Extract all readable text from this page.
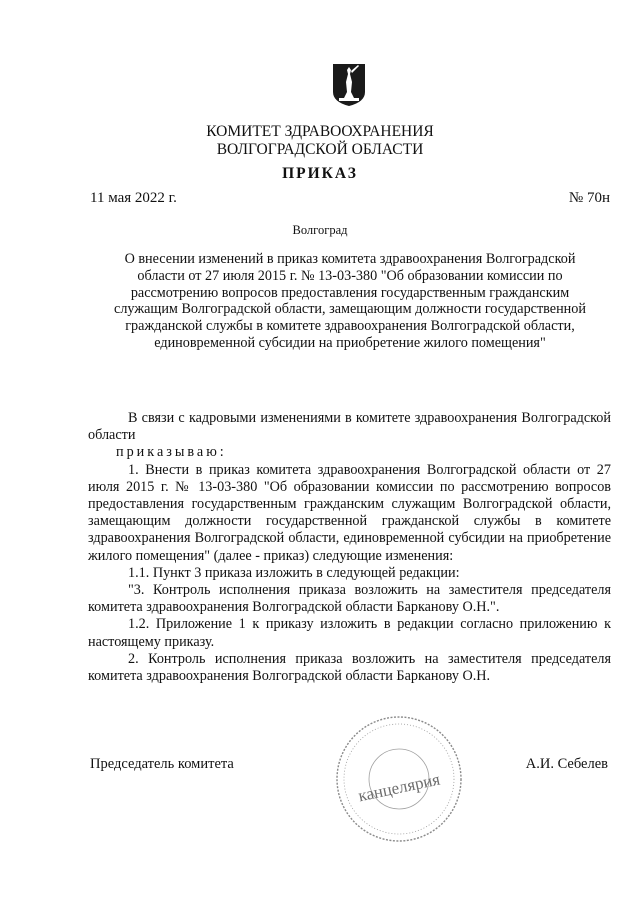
КОМИТЕТ ЗДРАВООХРАНЕНИЯ
ВОЛГОГРАДСКОЙ ОБЛАСТИ
ПРИКАЗ
11 мая 2022 г.	№ 70н
Волгоград

О внесении изменений в приказ комитета здравоохранения Волгоградской области от 27 июля 2015 г. № 13-03-380 "Об образовании комиссии по рассмотрению вопросов предоставления государственным гражданским служащим Волгоградской области, замещающим должности государственной гражданской службы в комитете здравоохранения Волгоградской области, единовременной субсидии на приобретение жилого помещения"

В связи с кадровыми изменениями в комитете здравоохранения Волгоградской области

приказываю:

1. Внести в приказ комитета здравоохранения Волгоградской области от 27 июля 2015 г. № 13-03-380 "Об образовании комиссии по рассмотрению вопросов предоставления государственным гражданским служащим Волгоградской области, замещающим должности государственной гражданской службы в комитете здравоохранения Волгоградской области, единовременной субсидии на приобретение жилого помещения" (далее - приказ) следующие изменения:

1.1. Пункт 3 приказа изложить в следующей редакции:

"3. Контроль исполнения приказа возложить на заместителя председателя комитета здравоохранения Волгоградской области Барканову О.Н.".

1.2. Приложение 1 к приказу изложить в редакции согласно приложению к настоящему приказу.

2. Контроль исполнения приказа возложить на заместителя председателя комитета здравоохранения Волгоградской области Барканову О.Н.

канцелярия
Председатель комитета	А.И. Себелев
